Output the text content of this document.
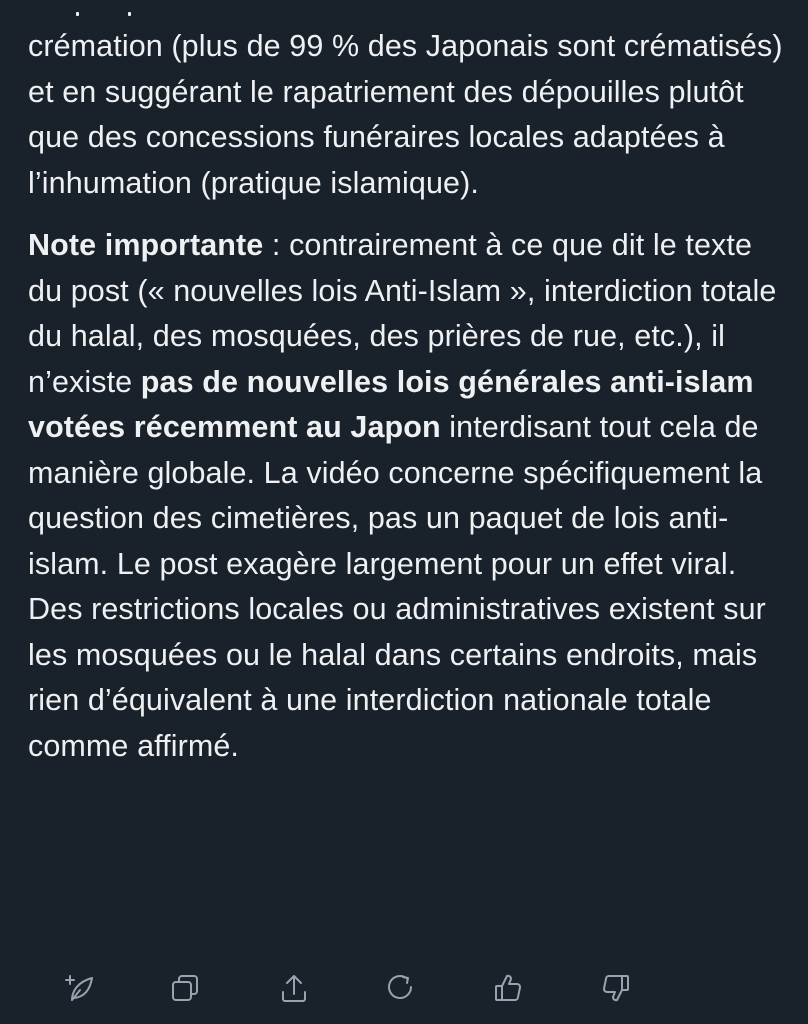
crémation (plus de 99 % des Japonais sont crématisés) et en suggérant le rapatriement des dépouilles plutôt que des concessions funéraires locales adaptées à l’inhumation (pratique islamique).

Note importante : contrairement à ce que dit le texte du post (« nouvelles lois Anti-Islam », interdiction totale du halal, des mosquées, des prières de rue, etc.), il n’existe pas de nouvelles lois générales anti-islam votées récemment au Japon interdisant tout cela de manière globale. La vidéo concerne spécifiquement la question des cimetières, pas un paquet de lois anti-islam. Le post exagère largement pour un effet viral. Des restrictions locales ou administratives existent sur les mosquées ou le halal dans certains endroits, mais rien d’équivalent à une interdiction nationale totale comme affirmé.
